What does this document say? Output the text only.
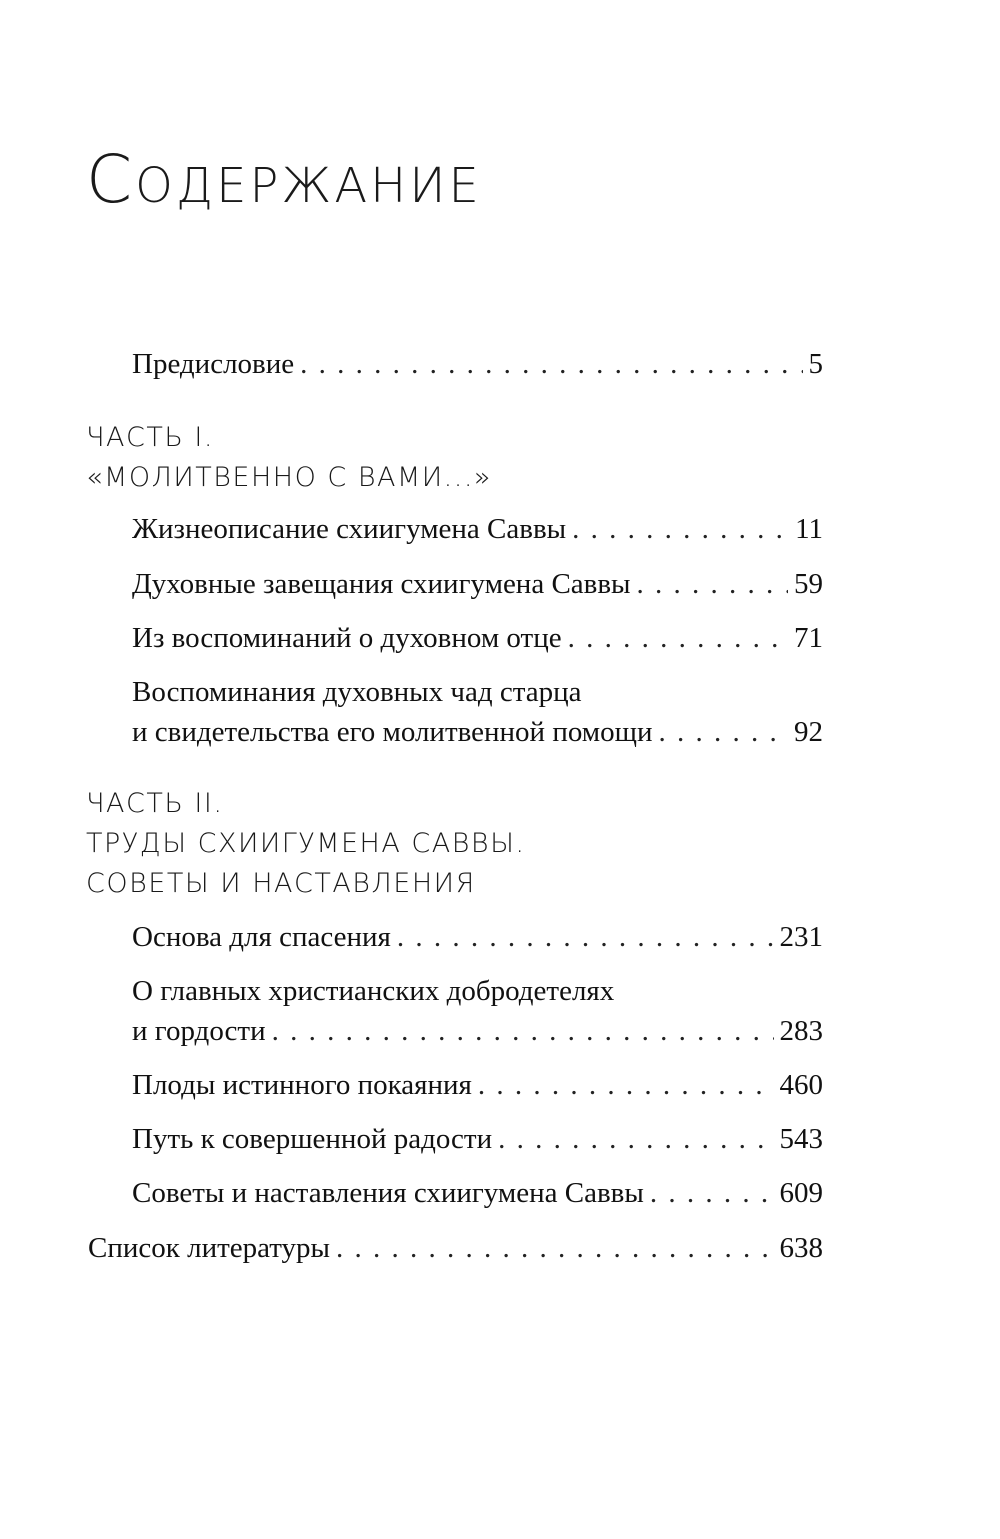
СОДЕРЖАНИЕ
Предисловие . . .	5
ЧАСТЬ I.
«МОЛИТВЕННО С ВАМИ...»
Жизнеописание схиигумена Саввы . . .	11
Духовные завещания схиигумена Саввы . . .	59
Из воспоминаний о духовном отце . . .	71
Воспоминания духовных чад старца
и свидетельства его молитвенной помощи . . .	92
ЧАСТЬ II.
ТРУДЫ СХИИГУМЕНА САВВЫ.
СОВЕТЫ И НАСТАВЛЕНИЯ
Основа для спасения . . .	231
О главных христианских добродетелях
и гордости . . .	283
Плоды истинного покаяния . . .	460
Путь к совершенной радости . . .	543
Советы и наставления схиигумена Саввы . . .	609
Список литературы . . .	638
